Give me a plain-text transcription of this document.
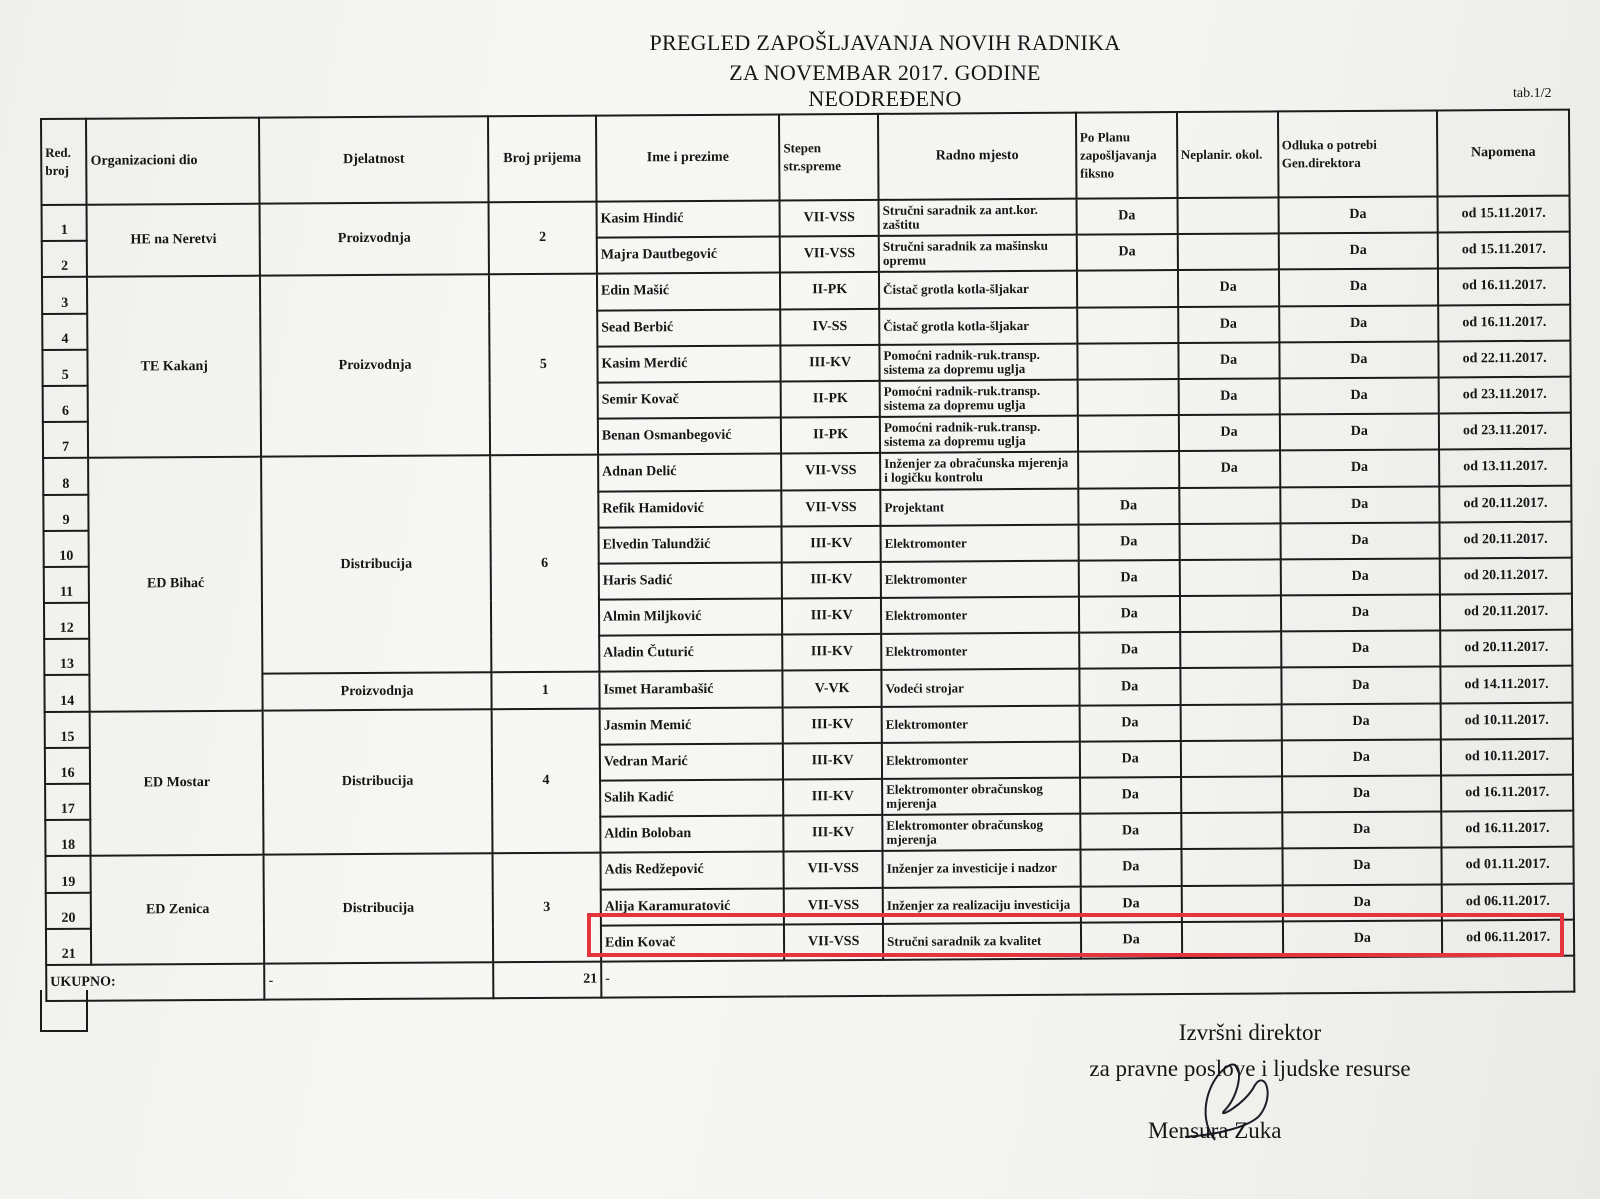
PREGLED ZAPOŠLJAVANJA NOVIH RADNIKA
ZA NOVEMBAR 2017. GODINE
NEODREĐENO	tab.1/2
Red. broj	Organizacioni dio	Djelatnost	Broj prijema	Ime i prezime	Stepen str.spreme	Radno mjesto	Po Planu zapošljavanja fiksno	Neplanir. okol.	Odluka o potrebi Gen.direktora	Napomena
1	HE na Neretvi	Proizvodnja	2	Kasim Hindić	VII-VSS	Stručni saradnik za ant.kor. zaštitu	Da		Da	od 15.11.2017.
2				Majra Dautbegović	VII-VSS	Stručni saradnik za mašinsku opremu	Da		Da	od 15.11.2017.
3	TE Kakanj	Proizvodnja	5	Edin Mašić	II-PK	Čistač grotla kotla-šljakar		Da	Da	od 16.11.2017.
4				Sead Berbić	IV-SS	Čistač grotla kotla-šljakar		Da	Da	od 16.11.2017.
5				Kasim Merdić	III-KV	Pomoćni radnik-ruk.transp. sistema za dopremu uglja		Da	Da	od 22.11.2017.
6				Semir Kovač	II-PK	Pomoćni radnik-ruk.transp. sistema za dopremu uglja		Da	Da	od 23.11.2017.
7				Benan Osmanbegović	II-PK	Pomoćni radnik-ruk.transp. sistema za dopremu uglja		Da	Da	od 23.11.2017.
8	ED Bihać	Distribucija	6	Adnan Delić	VII-VSS	Inženjer za obračunska mjerenja i logičku kontrolu		Da	Da	od 13.11.2017.
9				Refik Hamidović	VII-VSS	Projektant	Da		Da	od 20.11.2017.
10				Elvedin Talundžić	III-KV	Elektromonter	Da		Da	od 20.11.2017.
11				Haris Sadić	III-KV	Elektromonter	Da		Da	od 20.11.2017.
12				Almin Miljković	III-KV	Elektromonter	Da		Da	od 20.11.2017.
13				Aladin Čuturić	III-KV	Elektromonter	Da		Da	od 20.11.2017.
14		Proizvodnja	1	Ismet Harambašić	V-VK	Vodeći strojar	Da		Da	od 14.11.2017.
15	ED Mostar	Distribucija	4	Jasmin Memić	III-KV	Elektromonter	Da		Da	od 10.11.2017.
16				Vedran Marić	III-KV	Elektromonter	Da		Da	od 10.11.2017.
17				Salih Kadić	III-KV	Elektromonter obračunskog mjerenja	Da		Da	od 16.11.2017.
18				Aldin Boloban	III-KV	Elektromonter obračunskog mjerenja	Da		Da	od 16.11.2017.
19	ED Zenica	Distribucija	3	Adis Redžepović	VII-VSS	Inženjer za investicije i nadzor	Da		Da	od 01.11.2017.
20				Alija Karamuratović	VII-VSS	Inženjer za realizaciju investicija	Da		Da	od 06.11.2017.
21				Edin Kovač	VII-VSS	Stručni saradnik za kvalitet	Da		Da	od 06.11.2017.
UKUPNO:		-	21	-						
Izvršni direktor
za pravne poslove i ljudske resurse
Mensura Zuka
